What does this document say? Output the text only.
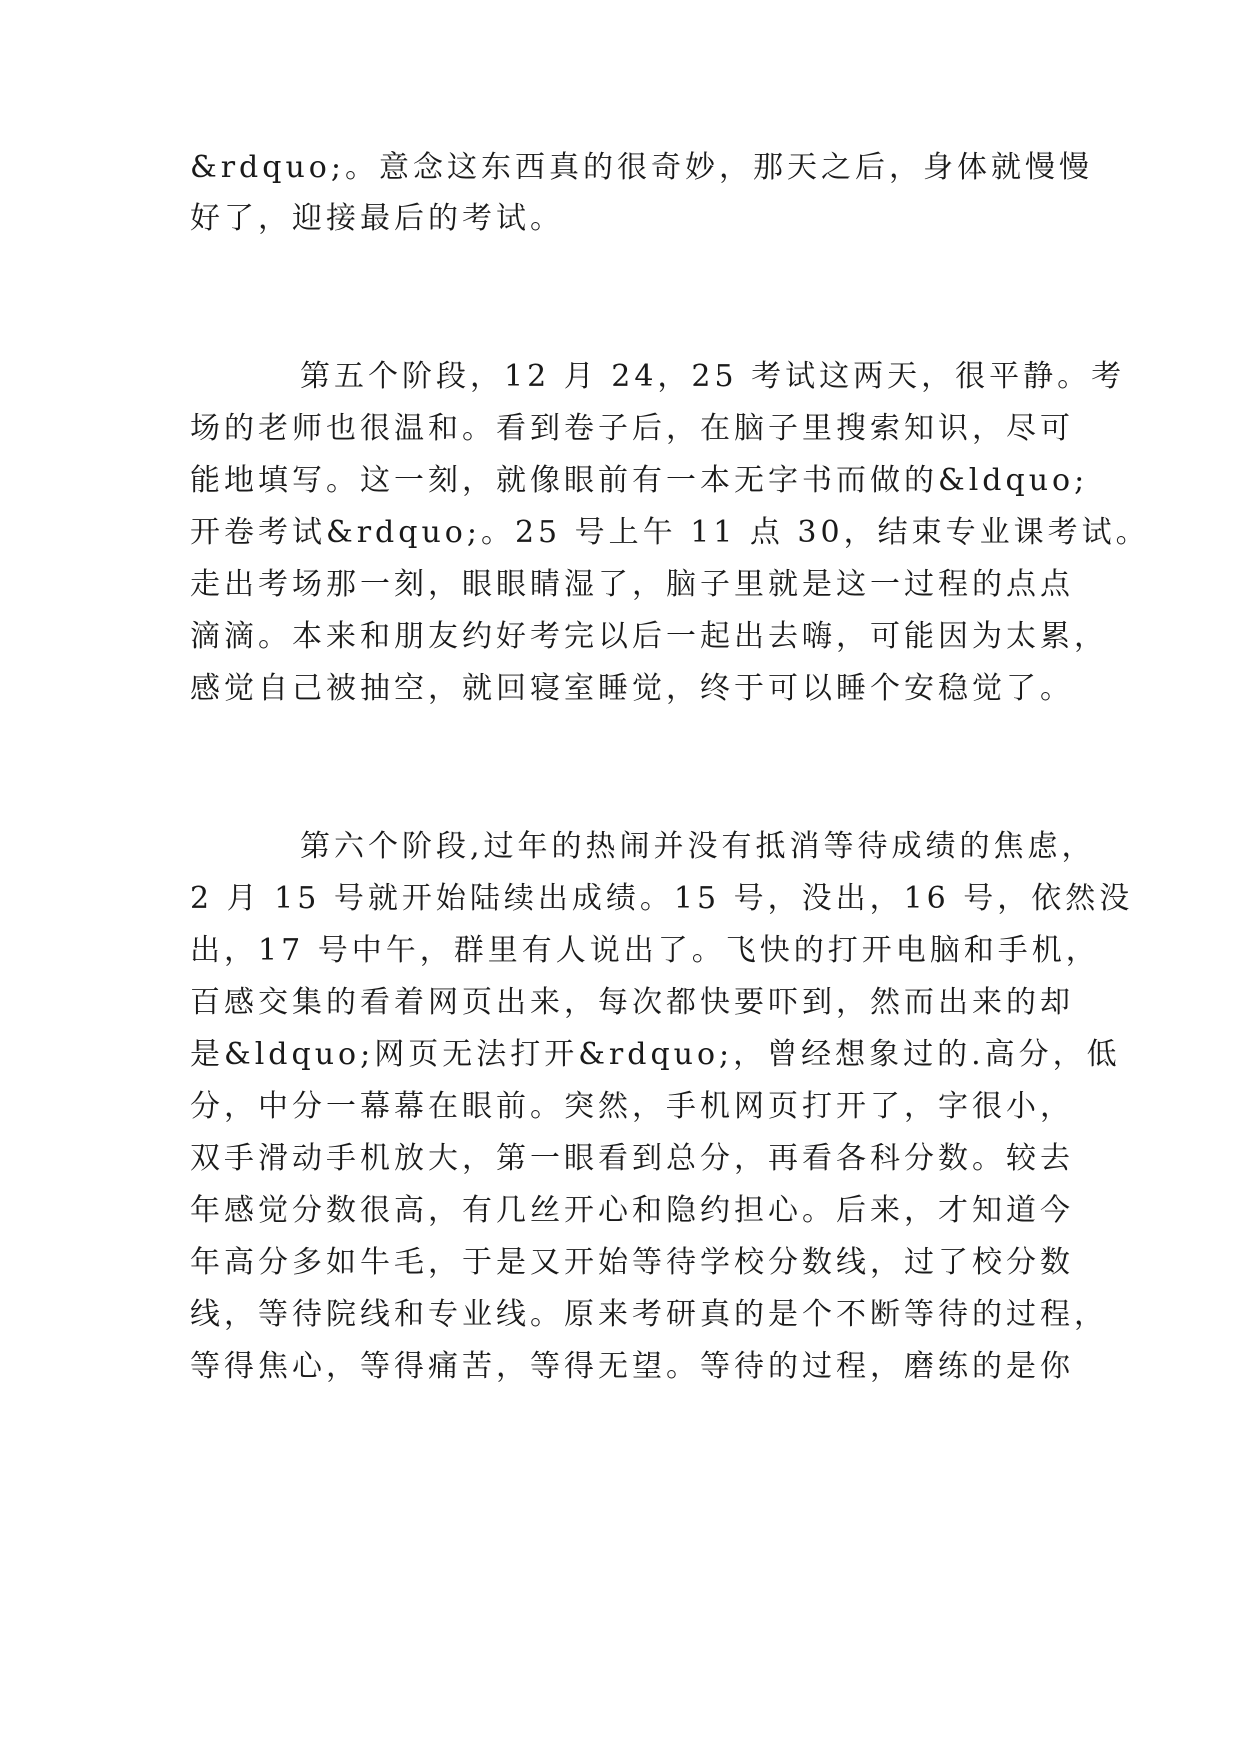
&rdquo;。意念这东西真的很奇妙，那天之后，身体就慢慢
好了，迎接最后的考试。
第五个阶段，12 月 24，25 考试这两天，很平静。考
场的老师也很温和。看到卷子后，在脑子里搜索知识，尽可
能地填写。这一刻，就像眼前有一本无字书而做的&ldquo;
开卷考试&rdquo;。25 号上午 11 点 30，结束专业课考试。
走出考场那一刻，眼眼睛湿了，脑子里就是这一过程的点点
滴滴。本来和朋友约好考完以后一起出去嗨，可能因为太累，
感觉自己被抽空，就回寝室睡觉，终于可以睡个安稳觉了。
第六个阶段,过年的热闹并没有抵消等待成绩的焦虑，
2 月 15 号就开始陆续出成绩。15 号，没出，16 号，依然没
出，17 号中午，群里有人说出了。飞快的打开电脑和手机，
百感交集的看着网页出来，每次都快要吓到，然而出来的却
是&ldquo;网页无法打开&rdquo;，曾经想象过的.高分，低
分，中分一幕幕在眼前。突然，手机网页打开了，字很小，
双手滑动手机放大，第一眼看到总分，再看各科分数。较去
年感觉分数很高，有几丝开心和隐约担心。后来，才知道今
年高分多如牛毛，于是又开始等待学校分数线，过了校分数
线，等待院线和专业线。原来考研真的是个不断等待的过程，
等得焦心，等得痛苦，等得无望。等待的过程，磨练的是你
